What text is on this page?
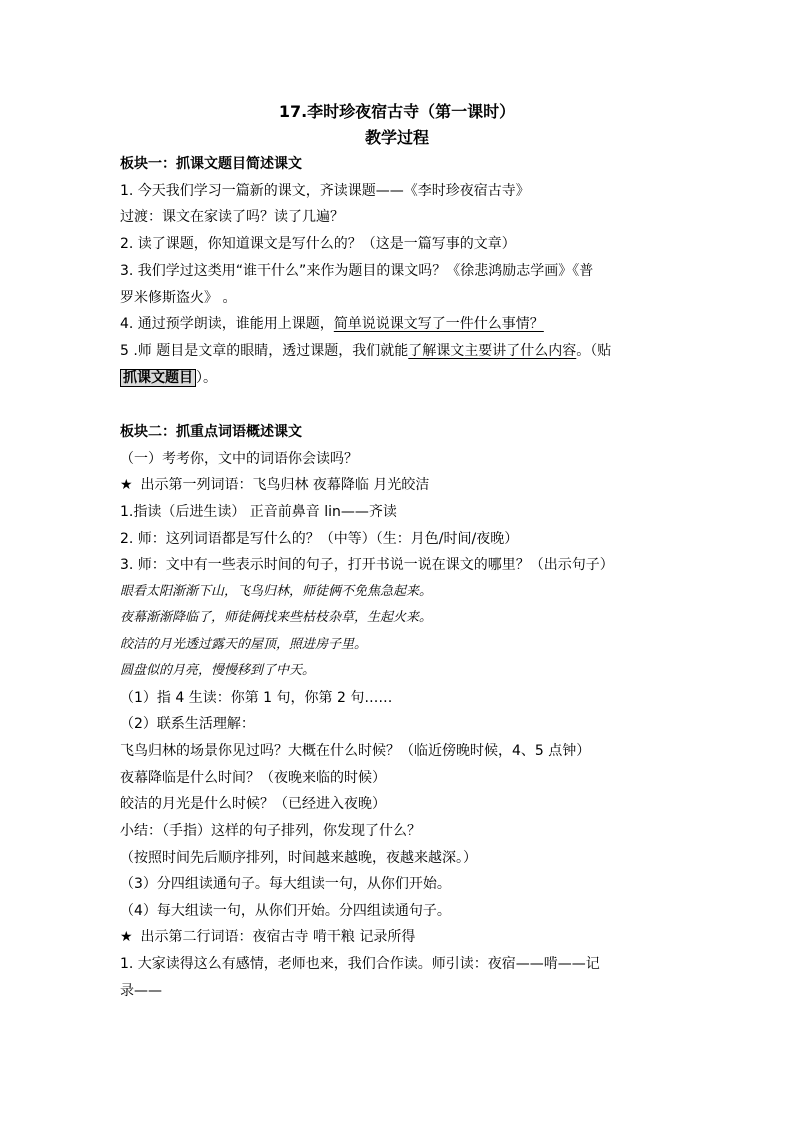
17.李时珍夜宿古寺（第一课时）
教学过程
板块一：抓课文题目简述课文
1. 今天我们学习一篇新的课文，齐读课题——《李时珍夜宿古寺》
过渡：课文在家读了吗？读了几遍？
2. 读了课题，你知道课文是写什么的？（这是一篇写事的文章）
3. 我们学过这类用“谁干什么”来作为题目的课文吗？《徐悲鸿励志学画》《普
罗米修斯盗火》 。
4. 通过预学朗读，谁能用上课题，简单说说课文写了一件什么事情？
5 .师 题目是文章的眼睛，透过课题，我们就能了解课文主要讲了什么内容。（贴
抓课文题目 ）。
板块二：抓重点词语概述课文
（一）考考你，文中的词语你会读吗？
★ 出示第一列词语：飞鸟归林 夜幕降临 月光皎洁
1.指读（后进生读） 正音前鼻音 lin——齐读
2. 师：这列词语都是写什么的？（中等）（生：月色/时间/夜晚）
3. 师：文中有一些表示时间的句子，打开书说一说在课文的哪里？（出示句子）
眼看太阳渐渐下山，飞鸟归林，师徒俩不免焦急起来。
夜幕渐渐降临了，师徒俩找来些枯枝杂草，生起火来。
皎洁的月光透过露天的屋顶，照进房子里。
圆盘似的月亮，慢慢移到了中天。
（1）指 4 生读：你第 1 句，你第 2 句……
（2）联系生活理解：
飞鸟归林的场景你见过吗？大概在什么时候？（临近傍晚时候，4、5 点钟）
夜幕降临是什么时间？（夜晚来临的时候）
皎洁的月光是什么时候？（已经进入夜晚）
小结：（手指）这样的句子排列，你发现了什么？
（按照时间先后顺序排列，时间越来越晚，夜越来越深。）
（3）分四组读通句子。每大组读一句，从你们开始。
（4）每大组读一句，从你们开始。分四组读通句子。
★ 出示第二行词语：夜宿古寺 啃干粮 记录所得
1. 大家读得这么有感情，老师也来，我们合作读。师引读：夜宿——啃——记
录——
